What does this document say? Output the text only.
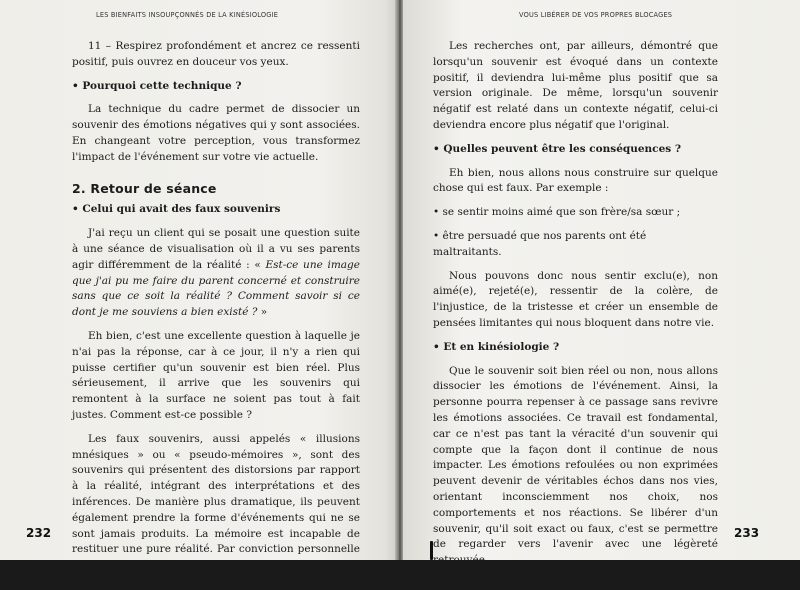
LES BIENFAITS INSOUPÇONNÉS DE LA KINÉSIOLOGIE

11 – Respirez profondément et ancrez ce ressenti positif, puis ouvrez en douceur vos yeux.

• Pourquoi cette technique ?

La technique du cadre permet de dissocier un souvenir des émotions négatives qui y sont associées. En changeant votre perception, vous transformez l'impact de l'événement sur votre vie actuelle.

2. Retour de séance
• Celui qui avait des faux souvenirs

J'ai reçu un client qui se posait une question suite à une séance de visualisation où il a vu ses parents agir différemment de la réalité : « Est-ce une image que j'ai pu me faire du parent concerné et construire sans que ce soit la réalité ? Comment savoir si ce dont je me souviens a bien existé ? »

Eh bien, c'est une excellente question à laquelle je n'ai pas la réponse, car à ce jour, il n'y a rien qui puisse certifier qu'un souvenir est bien réel. Plus sérieusement, il arrive que les souvenirs qui remontent à la surface ne soient pas tout à fait justes. Comment est-ce possible ?

Les faux souvenirs, aussi appelés « illusions mnésiques » ou « pseudo-mémoires », sont des souvenirs qui présentent des distorsions par rapport à la réalité, intégrant des interprétations et des inférences. De manière plus dramatique, ils peuvent également prendre la forme d'événements qui ne se sont jamais produits. La mémoire est incapable de restituer une pure réalité. Par conviction personnelle ou par conviction induite, nous fabriquons alors de faux souvenirs.

232
VOUS LIBÉRER DE VOS PROPRES BLOCAGES

Les recherches ont, par ailleurs, démontré que lorsqu'un souvenir est évoqué dans un contexte positif, il deviendra lui-même plus positif que sa version originale. De même, lorsqu'un souvenir négatif est relaté dans un contexte négatif, celui-ci deviendra encore plus négatif que l'original.

• Quelles peuvent être les conséquences ?

Eh bien, nous allons nous construire sur quelque chose qui est faux. Par exemple :

• se sentir moins aimé que son frère/sa sœur ;
• être persuadé que nos parents ont été maltraitants.

Nous pouvons donc nous sentir exclu(e), non aimé(e), rejeté(e), ressentir de la colère, de l'injustice, de la tristesse et créer un ensemble de pensées limitantes qui nous bloquent dans notre vie.

• Et en kinésiologie ?

Que le souvenir soit bien réel ou non, nous allons dissocier les émotions de l'événement. Ainsi, la personne pourra repenser à ce passage sans revivre les émotions associées. Ce travail est fondamental, car ce n'est pas tant la véracité d'un souvenir qui compte que la façon dont il continue de nous impacter. Les émotions refoulées ou non exprimées peuvent devenir de véritables échos dans nos vies, orientant inconsciemment nos choix, nos comportements et nos réactions. Se libérer d'un souvenir, qu'il soit exact ou faux, c'est se permettre de regarder vers l'avenir avec une légèreté retrouvée.

233
